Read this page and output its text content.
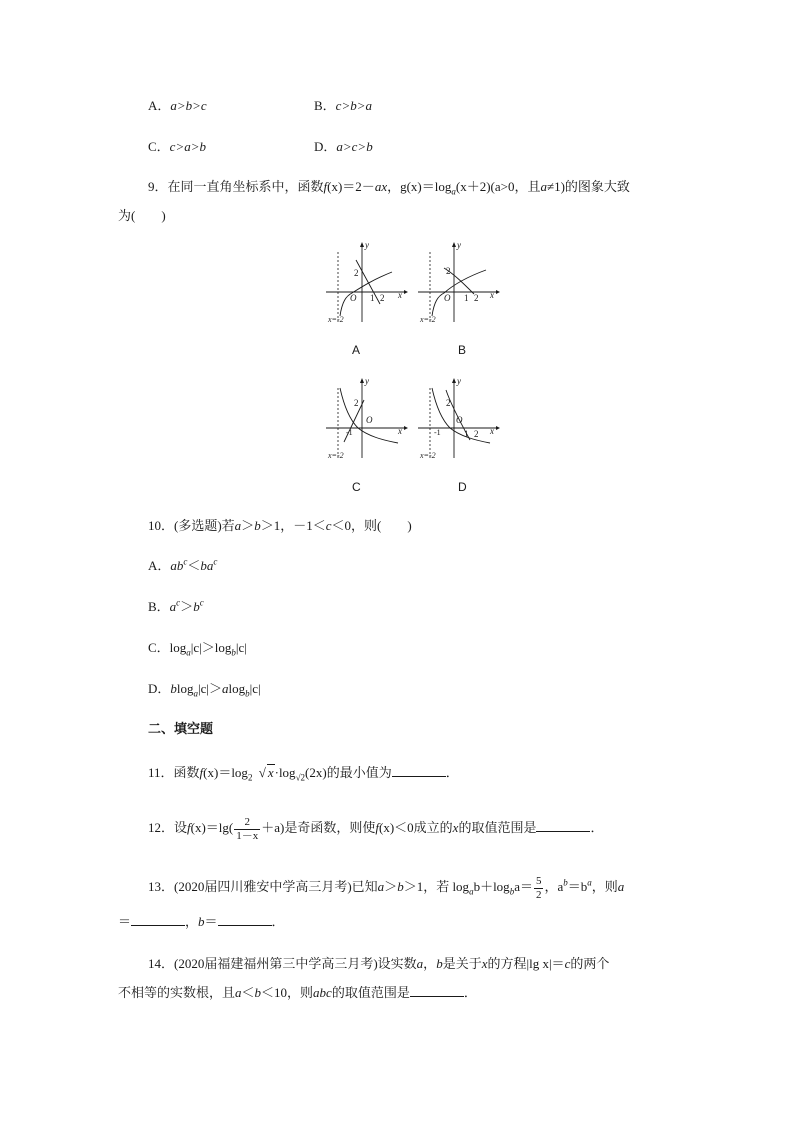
A．a>b>c	B．c>b>a
C．c>a>b	D．a>c>b
9．在同一直角坐标系中，函数f(x)＝2－ax，$g(x)=\log_a(x+2)(a>0$，且a≠1)的图象大致
为(　　)
y
x
2
O 1 2
x=-2
A
y
x
2
O 1 2
x=-2
B
y
x
2
O
-1
x=-2
C
y
x
2
O
-1	1 2
x=-2
D
10．(多选题)若a＞b＞1，－1＜c＜0，则(　　)
A．$ab^c<ba^c$
B．$a^c>b^c$
C．$\log_a|c|>\log_b|c|$
D．blog$_a$|c|＞alog$_b$|c|
二、填空题
11．函数$f(x)=\log_2$ √ $x\cdot\log_{√2}(2x)$的最小值为	．
12．设$f(x)=\lg( \frac{2}{1-x} +a)$是奇函数，则使f(x)＜0成立的x的取值范围是	．
13．(2020届四川雅安中学高三月考)已知a＞b＞1，若 $\log_ab+\log_ba= \frac{5}{2}$ ，$a^b=b^a$，则a
＝	，b＝	．
14．(2020届福建福州第三中学高三月考)设实数a，b是关于x的方程|lg x|＝c的两个
不相等的实数根，且a＜b＜10，则abc的取值范围是	．
